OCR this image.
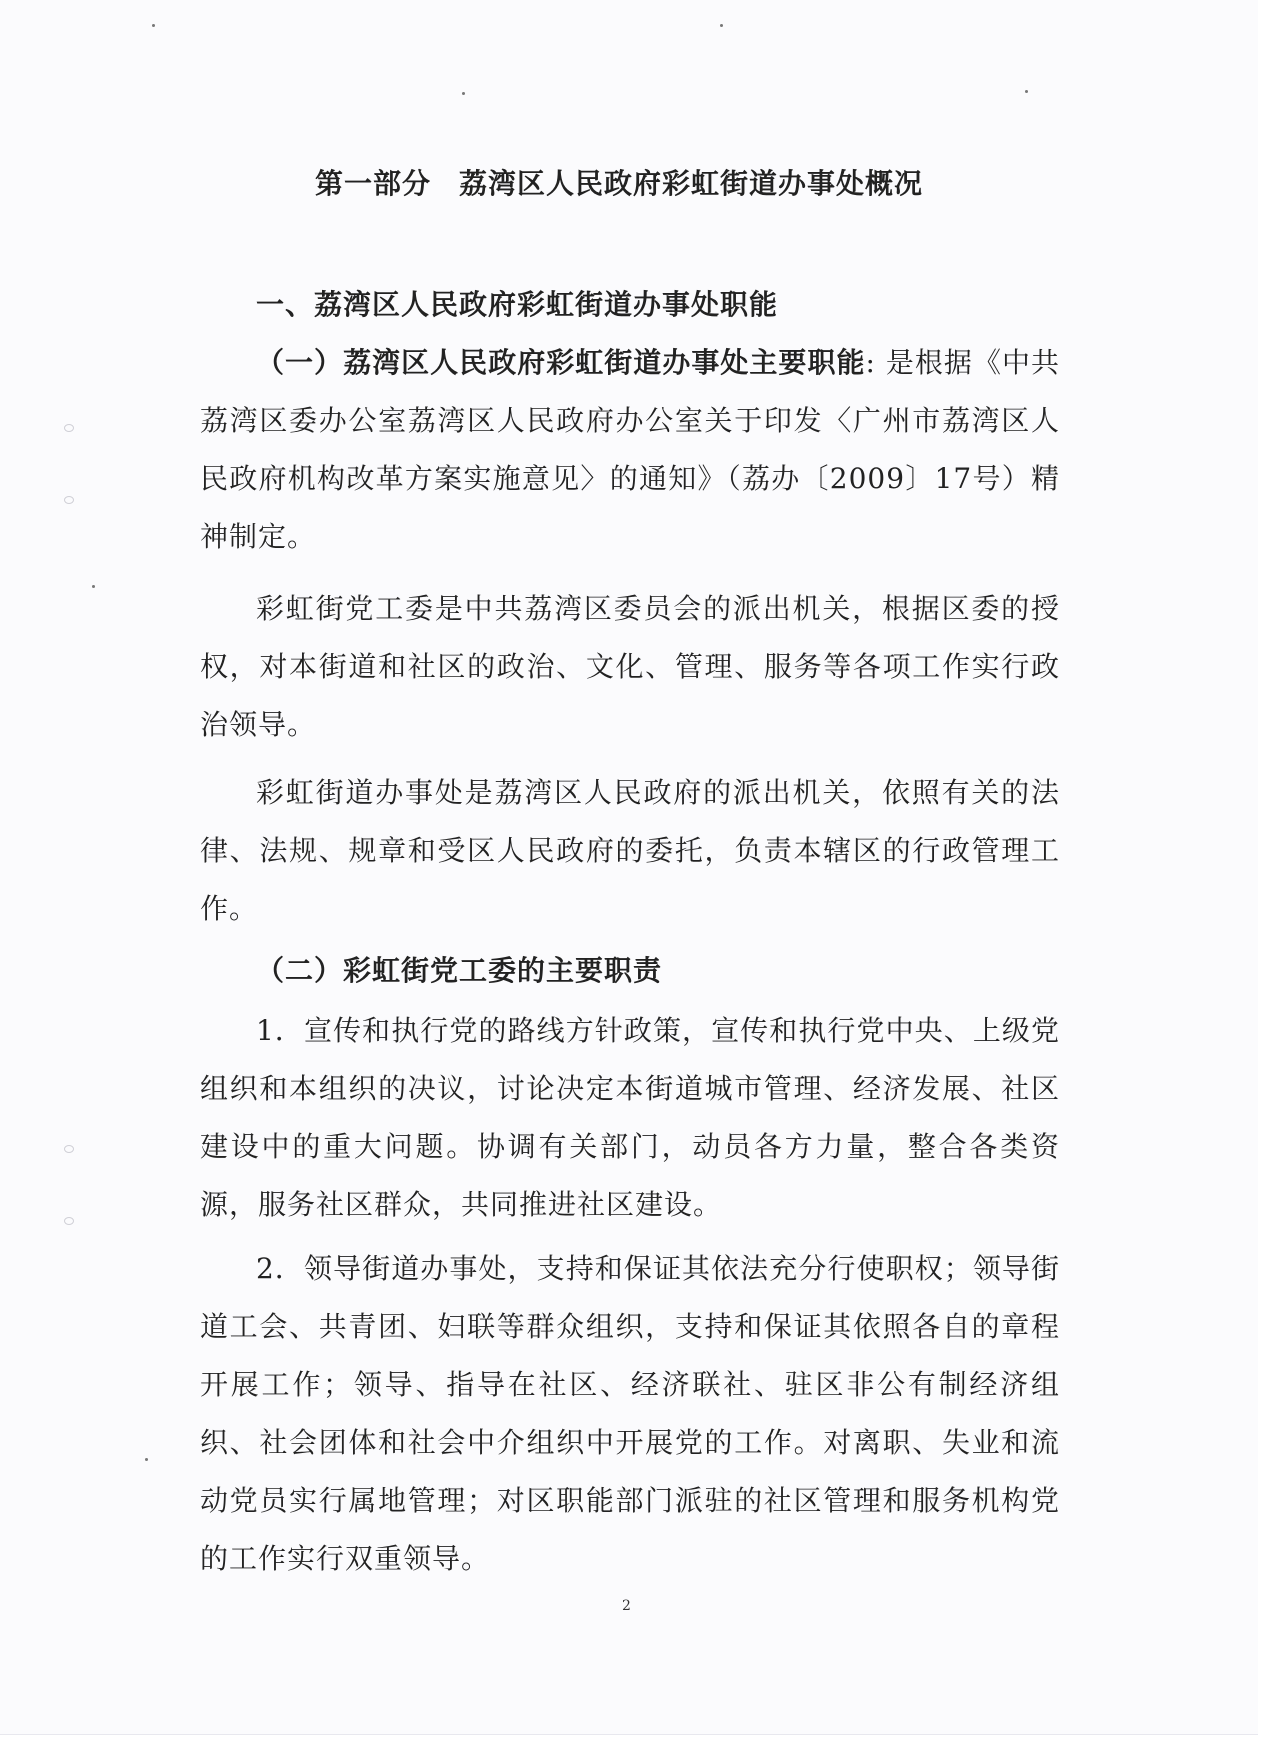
第一部分 荔湾区人民政府彩虹街道办事处概况

一、荔湾区人民政府彩虹街道办事处职能

（一）荔湾区人民政府彩虹街道办事处主要职能: 是根据《中共荔湾区委办公室荔湾区人民政府办公室关于印发〈广州市荔湾区人民政府机构改革方案实施意见〉的通知》（荔办〔2009〕17号）精神制定。

彩虹街党工委是中共荔湾区委员会的派出机关，根据区委的授权，对本街道和社区的政治、文化、管理、服务等各项工作实行政治领导。

彩虹街道办事处是荔湾区人民政府的派出机关，依照有关的法律、法规、规章和受区人民政府的委托，负责本辖区的行政管理工作。

（二）彩虹街党工委的主要职责

1．宣传和执行党的路线方针政策，宣传和执行党中央、上级党组织和本组织的决议，讨论决定本街道城市管理、经济发展、社区建设中的重大问题。协调有关部门，动员各方力量，整合各类资源，服务社区群众，共同推进社区建设。

2．领导街道办事处，支持和保证其依法充分行使职权；领导街道工会、共青团、妇联等群众组织，支持和保证其依照各自的章程开展工作；领导、指导在社区、经济联社、驻区非公有制经济组织、社会团体和社会中介组织中开展党的工作。对离职、失业和流动党员实行属地管理；对区职能部门派驻的社区管理和服务机构党的工作实行双重领导。

2
